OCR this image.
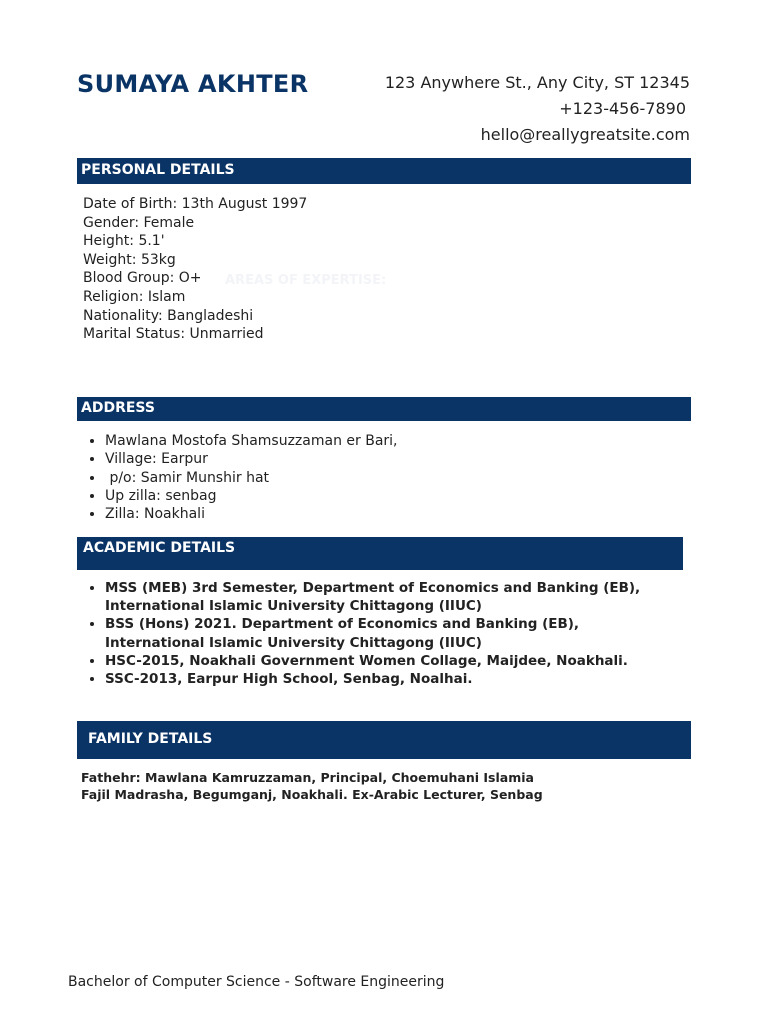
SUMAYA AKHTER	123 Anywhere St., Any City, ST 12345
+123-456-7890
hello@reallygreatsite.com
PERSONAL DETAILS
Date of Birth: 13th August 1997
Gender: Female
Height: 5.1'
Weight: 53kg
Blood Group: O+
Religion: Islam
Nationality: Bangladeshi
Marital Status: Unmarried
AREAS OF EXPERTISE:
ADDRESS
• Mawlana Mostofa Shamsuzzaman er Bari,
• Village: Earpur
•  p/o: Samir Munshir hat
• Up zilla: senbag
• Zilla: Noakhali
ACADEMIC DETAILS
• MSS (MEB) 3rd Semester, Department of Economics and Banking (EB), International Islamic University Chittagong (IIUC)
• BSS (Hons) 2021. Department of Economics and Banking (EB), International Islamic University Chittagong (IIUC)
• HSC-2015, Noakhali Government Women Collage, Maijdee, Noakhali.
• SSC-2013, Earpur High School, Senbag, Noalhai.
FAMILY DETAILS

Fathehr: Mawlana Kamruzzaman, Principal, Choemuhani Islamia Fajil Madrasha, Begumganj, Noakhali. Ex-Arabic Lecturer, Senbag

Bachelor of Computer Science - Software Engineering
